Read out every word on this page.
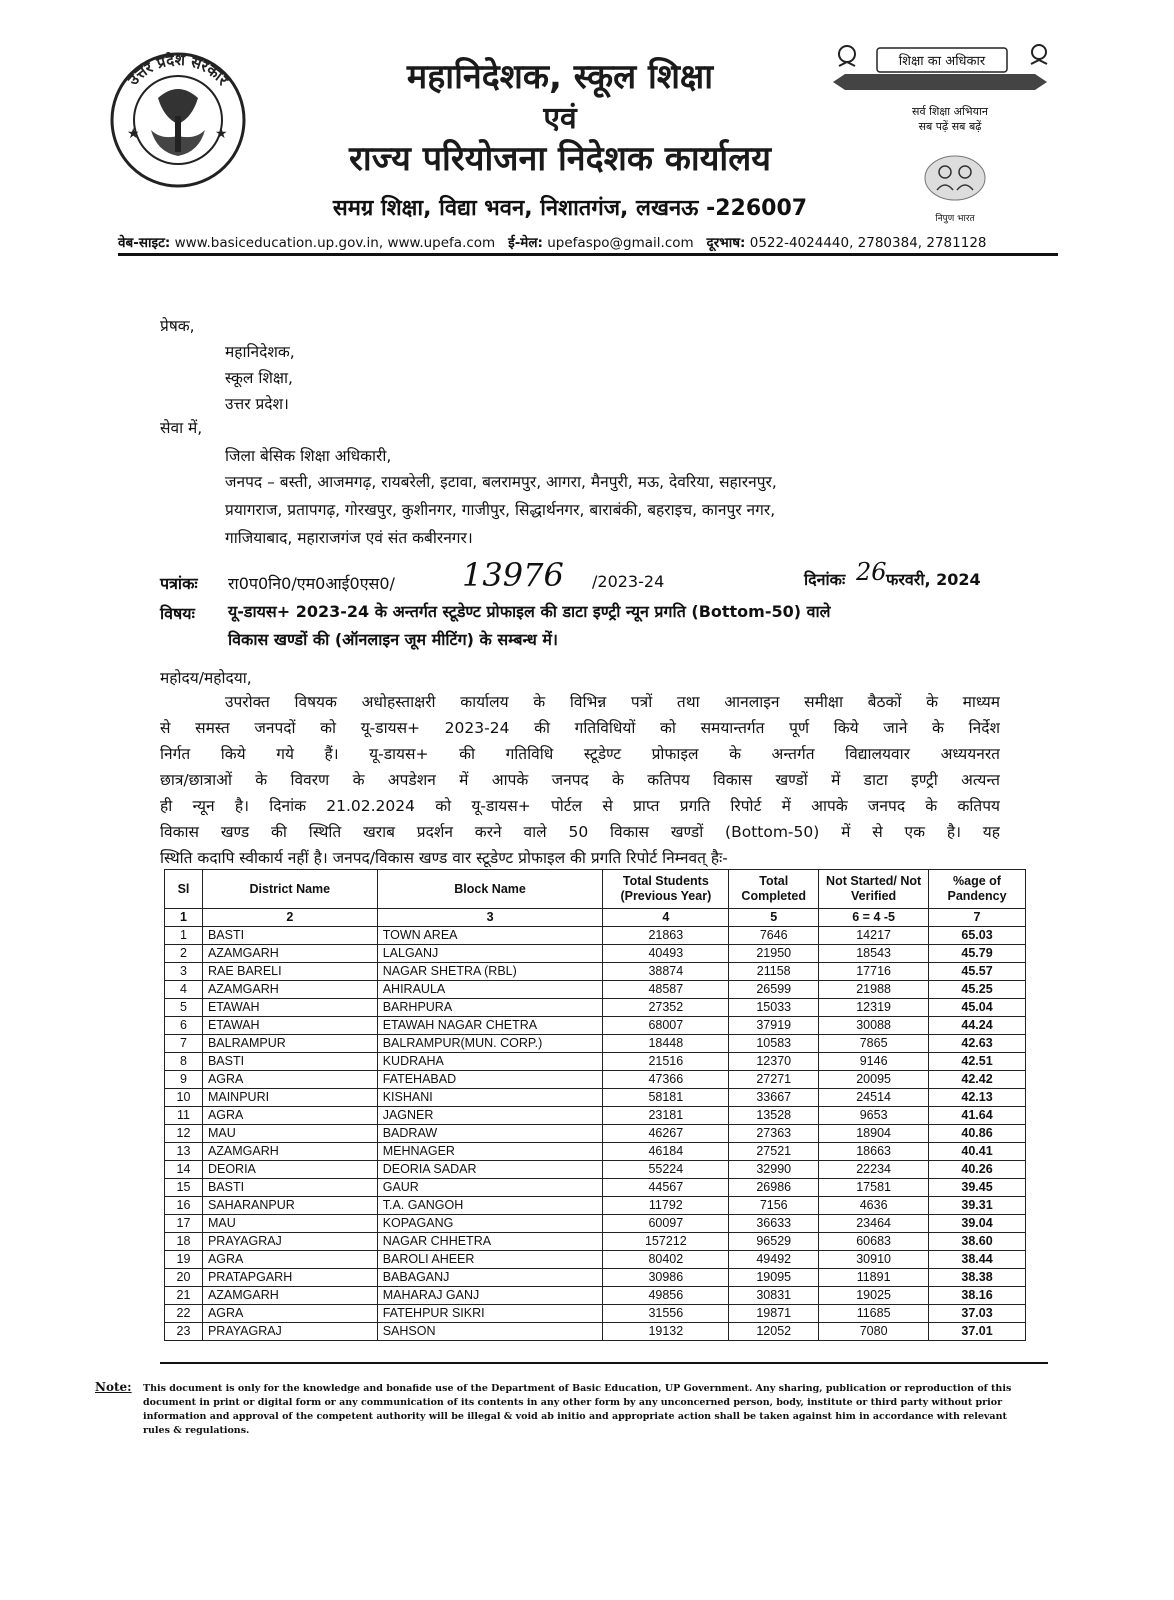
उत्तर प्रदेश सरकार
★	★
महानिदेशक, स्कूल शिक्षा
एवं
राज्य परियोजना निदेशक कार्यालय
समग्र शिक्षा, विद्या भवन, निशातगंज, लखनऊ -226007
शिक्षा का अधिकार
सर्व शिक्षा अभियान
सब पढ़ें सब बढ़ें
निपुण भारत
वेब-साइट: www.basiceducation.up.gov.in, www.upefa.com ई-मेल: upefaspo@gmail.com दूरभाष: 0522-4024440, 2780384, 2781128
प्रेषक,
महानिदेशक,
स्कूल शिक्षा,
उत्तर प्रदेश।
सेवा में,
जिला बेसिक शिक्षा अधिकारी,
जनपद – बस्ती, आजमगढ़, रायबरेली, इटावा, बलरामपुर, आगरा, मैनपुरी, मऊ, देवरिया, सहारनपुर,
प्रयागराज, प्रतापगढ़, गोरखपुर, कुशीनगर, गाजीपुर, सिद्धार्थनगर, बाराबंकी, बहराइच, कानपुर नगर,
गाजियाबाद, महाराजगंज एवं संत कबीरनगर।
पत्रांकः रा0प0नि0/एम0आई0एस0/ 13976 /2023-24	दिनांकः 26 फरवरी, 2024
विषयः यू-डायस+ 2023-24 के अन्तर्गत स्टूडेण्ट प्रोफाइल की डाटा इण्ट्री न्यून प्रगति (Bottom-50) वाले
विकास खण्डों की (ऑनलाइन जूम मीटिंग) के सम्बन्ध में।
महोदय/महोदया,
उपरोक्त विषयक अधोहस्ताक्षरी कार्यालय के विभिन्न पत्रों तथा आनलाइन समीक्षा बैठकों के माध्यम
से समस्त जनपदों को यू-डायस+ 2023-24 की गतिविधियों को समयान्तर्गत पूर्ण किये जाने के निर्देश
निर्गत किये गये हैं। यू-डायस+ की गतिविधि स्टूडेण्ट प्रोफाइल के अन्तर्गत विद्यालयवार अध्ययनरत
छात्र/छात्राओं के विवरण के अपडेशन में आपके जनपद के कतिपय विकास खण्डों में डाटा इण्ट्री अत्यन्त
ही न्यून है। दिनांक 21.02.2024 को यू-डायस+ पोर्टल से प्राप्त प्रगति रिपोर्ट में आपके जनपद के कतिपय
विकास खण्ड की स्थिति खराब प्रदर्शन करने वाले 50 विकास खण्डों (Bottom-50) में से एक है। यह
स्थिति कदापि स्वीकार्य नहीं है। जनपद/विकास खण्ड वार स्टूडेण्ट प्रोफाइल की प्रगति रिपोर्ट निम्नवत् हैः-
Sl	District Name	Block Name	Total Students (Previous Year)	Total Completed	Not Started/ Not Verified	%age of Pandency
1	2	3	4	5	6 = 4 -5	7
1	BASTI	TOWN AREA	21863	7646	14217	65.03
2	AZAMGARH	LALGANJ	40493	21950	18543	45.79
3	RAE BARELI	NAGAR SHETRA (RBL)	38874	21158	17716	45.57
4	AZAMGARH	AHIRAULA	48587	26599	21988	45.25
5	ETAWAH	BARHPURA	27352	15033	12319	45.04
6	ETAWAH	ETAWAH NAGAR CHETRA	68007	37919	30088	44.24
7	BALRAMPUR	BALRAMPUR(MUN. CORP.)	18448	10583	7865	42.63
8	BASTI	KUDRAHA	21516	12370	9146	42.51
9	AGRA	FATEHABAD	47366	27271	20095	42.42
10	MAINPURI	KISHANI	58181	33667	24514	42.13
11	AGRA	JAGNER	23181	13528	9653	41.64
12	MAU	BADRAW	46267	27363	18904	40.86
13	AZAMGARH	MEHNAGER	46184	27521	18663	40.41
14	DEORIA	DEORIA SADAR	55224	32990	22234	40.26
15	BASTI	GAUR	44567	26986	17581	39.45
16	SAHARANPUR	T.A. GANGOH	11792	7156	4636	39.31
17	MAU	KOPAGANG	60097	36633	23464	39.04
18	PRAYAGRAJ	NAGAR CHHETRA	157212	96529	60683	38.60
19	AGRA	BAROLI AHEER	80402	49492	30910	38.44
20	PRATAPGARH	BABAGANJ	30986	19095	11891	38.38
21	AZAMGARH	MAHARAJ GANJ	49856	30831	19025	38.16
22	AGRA	FATEHPUR SIKRI	31556	19871	11685	37.03
23	PRAYAGRAJ	SAHSON	19132	12052	7080	37.01
Note: This document is only for the knowledge and bonafide use of the Department of Basic Education, UP Government. Any sharing, publication or reproduction of this document in print or digital form or any communication of its contents in any other form by any unconcerned person, body, institute or third party without prior information and approval of the competent authority will be illegal & void ab initio and appropriate action shall be taken against him in accordance with relevant rules & regulations.
